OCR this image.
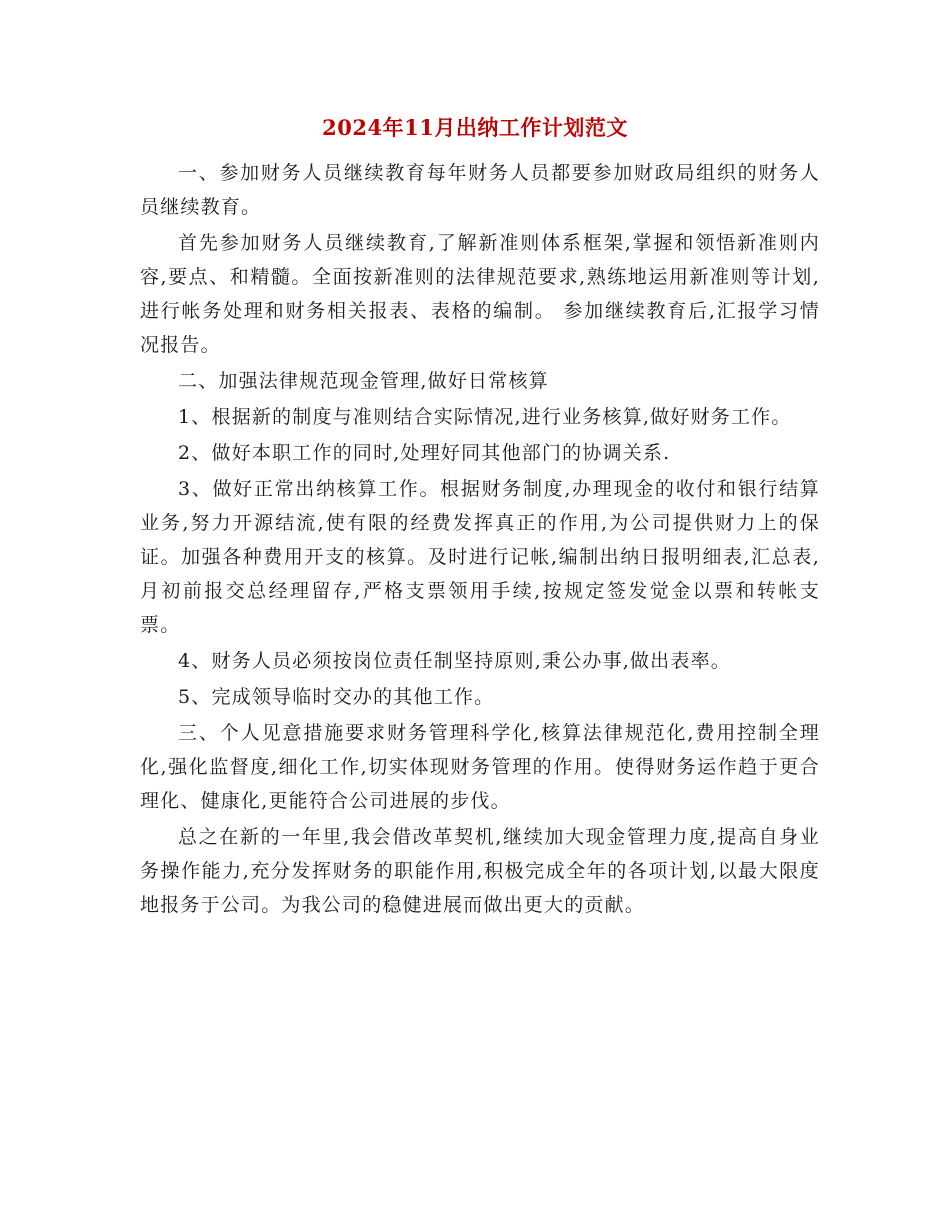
2024年11月出纳工作计划范文

一、参加财务人员继续教育每年财务人员都要参加财政局组织的财务人员继续教育。

首先参加财务人员继续教育,了解新准则体系框架,掌握和领悟新准则内容,要点、和精髓。全面按新准则的法律规范要求,熟练地运用新准则等计划,进行帐务处理和财务相关报表、表格的编制。 参加继续教育后,汇报学习情况报告。

二、加强法律规范现金管理,做好日常核算

1、根据新的制度与准则结合实际情况,进行业务核算,做好财务工作。

2、做好本职工作的同时,处理好同其他部门的协调关系.

3、做好正常出纳核算工作。根据财务制度,办理现金的收付和银行结算业务,努力开源结流,使有限的经费发挥真正的作用,为公司提供财力上的保证。加强各种费用开支的核算。及时进行记帐,编制出纳日报明细表,汇总表,月初前报交总经理留存,严格支票领用手续,按规定签发觉金以票和转帐支票。

4、财务人员必须按岗位责任制坚持原则,秉公办事,做出表率。

5、完成领导临时交办的其他工作。

三、个人见意措施要求财务管理科学化,核算法律规范化,费用控制全理化,强化监督度,细化工作,切实体现财务管理的作用。使得财务运作趋于更合理化、健康化,更能符合公司进展的步伐。

总之在新的一年里,我会借改革契机,继续加大现金管理力度,提高自身业务操作能力,充分发挥财务的职能作用,积极完成全年的各项计划,以最大限度地报务于公司。为我公司的稳健进展而做出更大的贡献。
